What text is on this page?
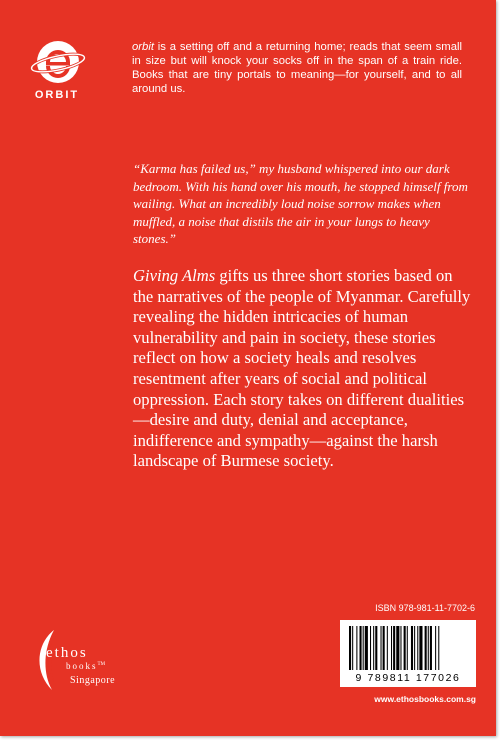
ORBIT
orbit is a setting off and a returning home; reads that seem small in size but will knock your socks off in the span of a train ride. Books that are tiny portals to meaning—for yourself, and to all around us.
“Karma has failed us,” my husband whispered into our dark bedroom. With his hand over his mouth, he stopped himself from wailing. What an incredibly loud noise sorrow makes when muffled, a noise that distils the air in your lungs to heavy stones.”
Giving Alms gifts us three short stories based on the narratives of the people of Myanmar. Carefully revealing the hidden intricacies of human vulnerability and pain in society, these stories reflect on how a society heals and resolves resentment after years of social and political oppression. Each story takes on different dualities—desire and duty, denial and acceptance, indifference and sympathy—against the harsh landscape of Burmese society.
ethos
books™
Singapore
ISBN 978-981-11-7702-6
9 789811 177026
www.ethosbooks.com.sg
